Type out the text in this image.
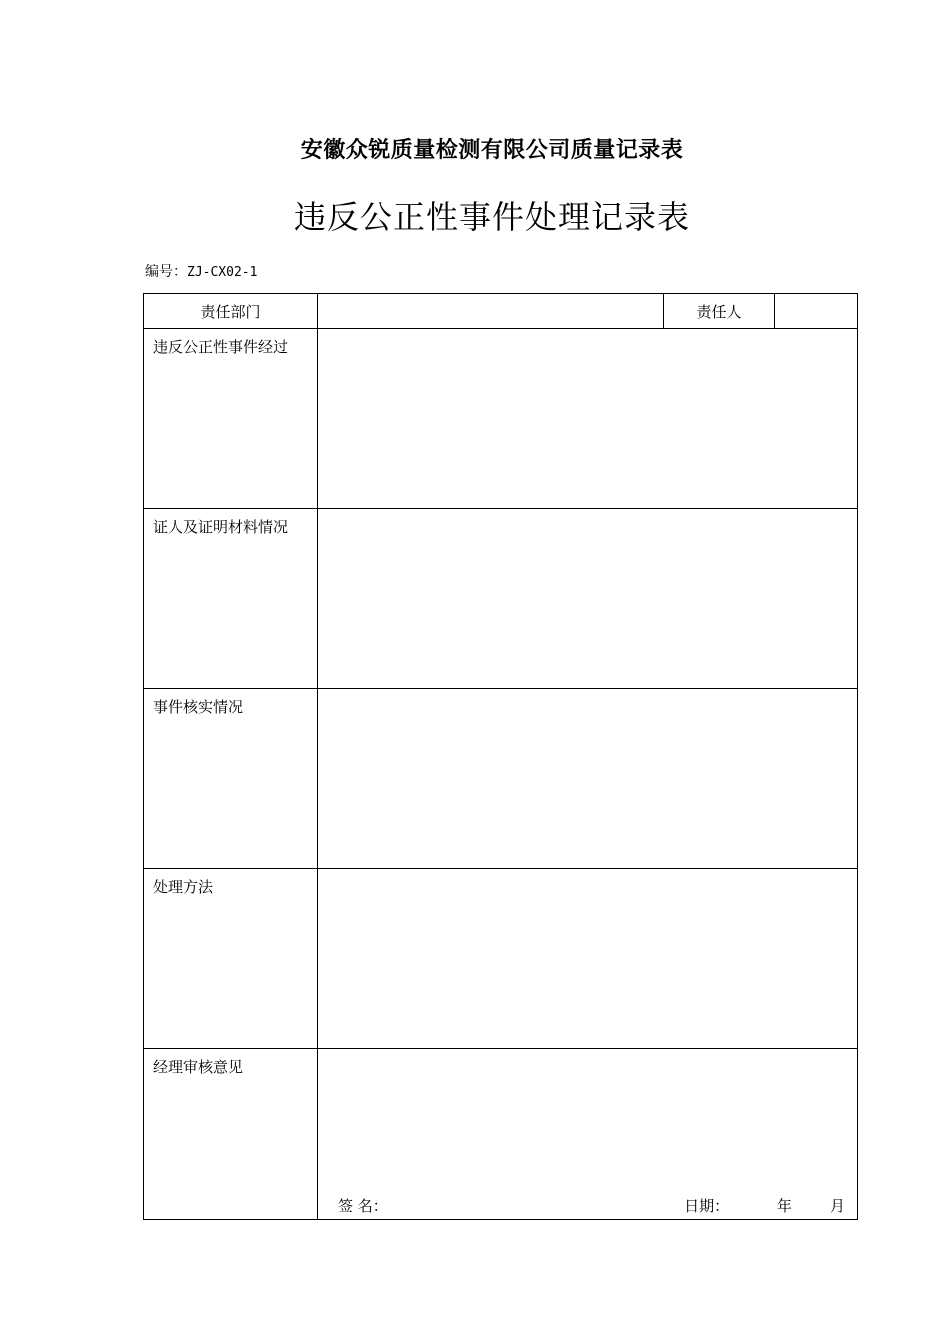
安徽众锐质量检测有限公司质量记录表
违反公正性事件处理记录表
编号：ZJ-CX02-1
责任部门		责任人	
违反公正性事件经过			
证人及证明材料情况			
事件核实情况			
处理方法			
经理审核意见	签 名： 日期： 年 月		
